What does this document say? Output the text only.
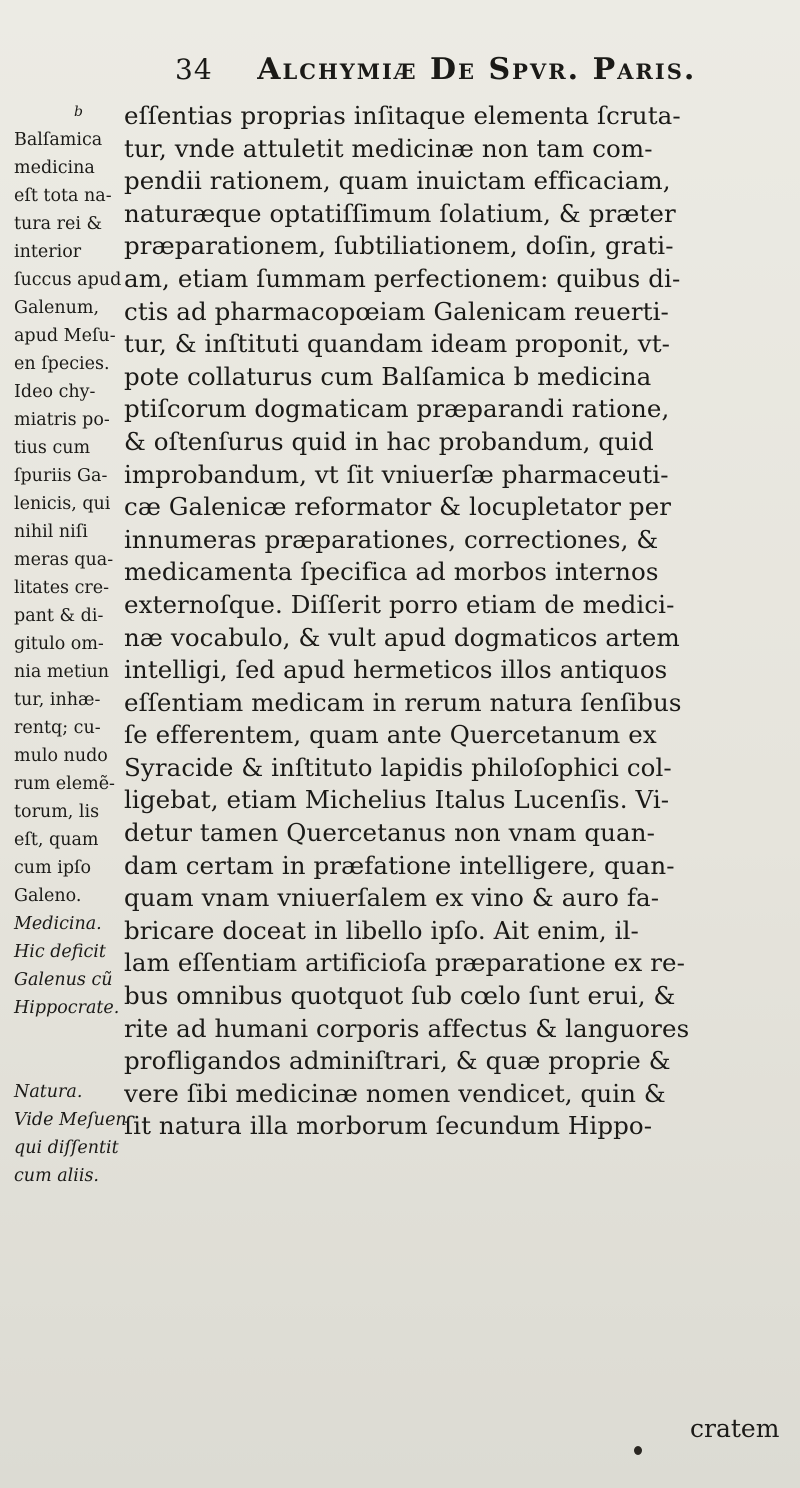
34 Alchymiæ De Spvr. Paris.
b
Balſamica
medicina
eſt tota na-
tura rei &
interior
ſuccus apud
Galenum,
apud Meſu-
en ſpecies.
Ideo chy-
miatris po-
tius cum
ſpuriis Ga-
lenicis, qui
nihil niſi
meras qua-
litates cre-
pant & di-
gitulo om-
nia metiun
tur, inhæ-
rentq; cu-
mulo nudo
rum elemẽ-
torum, lis
eſt, quam
cum ipſo
Galeno.
Medicina.
Hic deficit
Galenus cũ
Hippocrate.
Natura.
Vide Meſuen
qui diſſentit
cum aliis.
eſſentias proprias inſitaque elementa ſcruta-
tur, vnde attuletit medicinæ non tam com-
pendii rationem, quam inuictam efficaciam,
naturæque optatiſſimum ſolatium, & præter
præparationem, ſubtiliationem, doſin, grati-
am, etiam ſummam perfectionem: quibus di-
ctis ad pharmacopœiam Galenicam reuerti-
tur, & inſtituti quandam ideam proponit, vt-
pote collaturus cum Balſamica b medicina
ptiſcorum dogmaticam præparandi ratione,
& oſtenſurus quid in hac probandum, quid
improbandum, vt ſit vniuerſæ pharmaceuti-
cæ Galenicæ reformator & locupletator per
innumeras præparationes, correctiones, &
medicamenta ſpecifica ad morbos internos
externoſque. Diſſerit porro etiam de medici-
næ vocabulo, & vult apud dogmaticos artem
intelligi, ſed apud hermeticos illos antiquos
eſſentiam medicam in rerum natura ſenſibus
ſe efferentem, quam ante Quercetanum ex
Syracide & inſtituto lapidis philoſophici col-
ligebat, etiam Michelius Italus Lucenſis. Vi-
detur tamen Quercetanus non vnam quan-
dam certam in præfatione intelligere, quan-
quam vnam vniuerſalem ex vino & auro fa-
bricare doceat in libello ipſo. Ait enim, il-
lam eſſentiam artificioſa præparatione ex re-
bus omnibus quotquot ſub cœlo ſunt erui, &
rite ad humani corporis affectus & languores
profligandos adminiſtrari, & quæ proprie &
vere ſibi medicinæ nomen vendicet, quin &
ſit natura illa morborum ſecundum Hippo-
cratem
